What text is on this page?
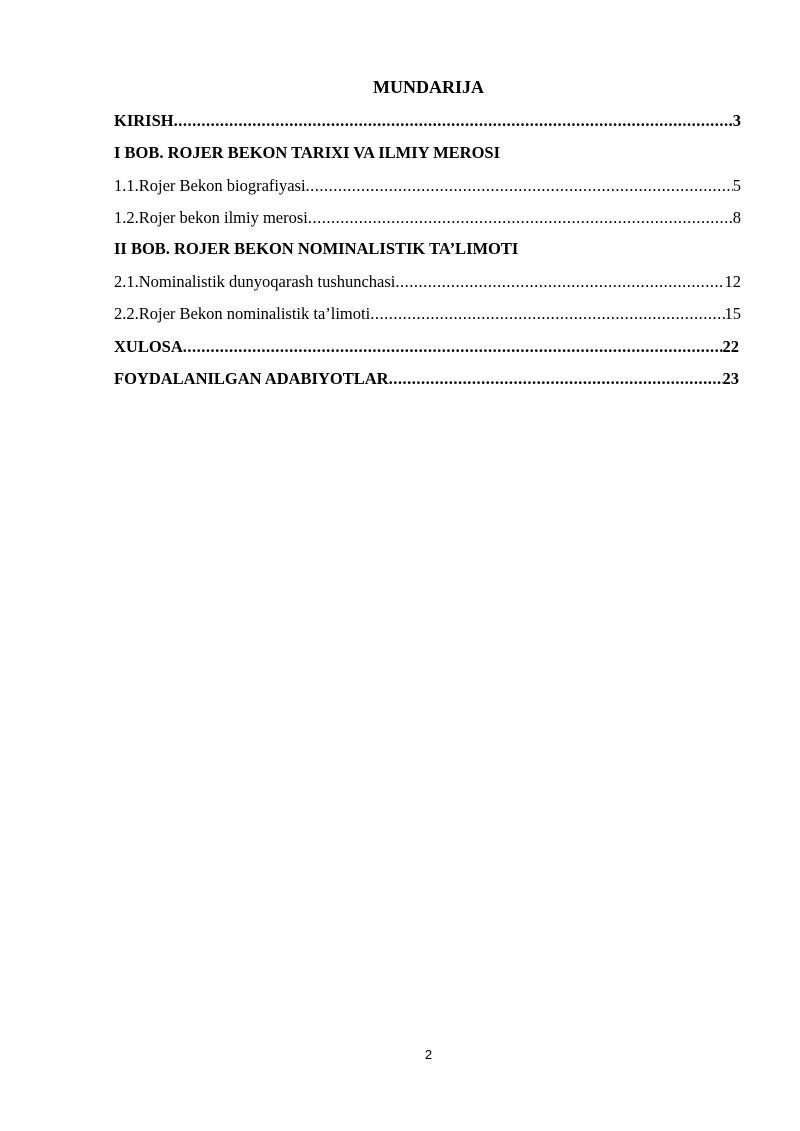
MUNDARIJA
KIRISH .....	3
I BOB. ROJER BEKON TARIXI VA ILMIY MEROSI
1.1. Rojer Bekon biografiyasi .....	5
1.2. Rojer bekon ilmiy merosi .....	8
II BOB. ROJER BEKON NOMINALISTIK TA’LIMOTI
2.1. Nominalistik dunyoqarash tushunchasi .....	12
2.2. Rojer Bekon nominalistik ta’limoti .....	15
XULOSA .....	22
FOYDALANILGAN ADABIYOTLAR .....	23
2
